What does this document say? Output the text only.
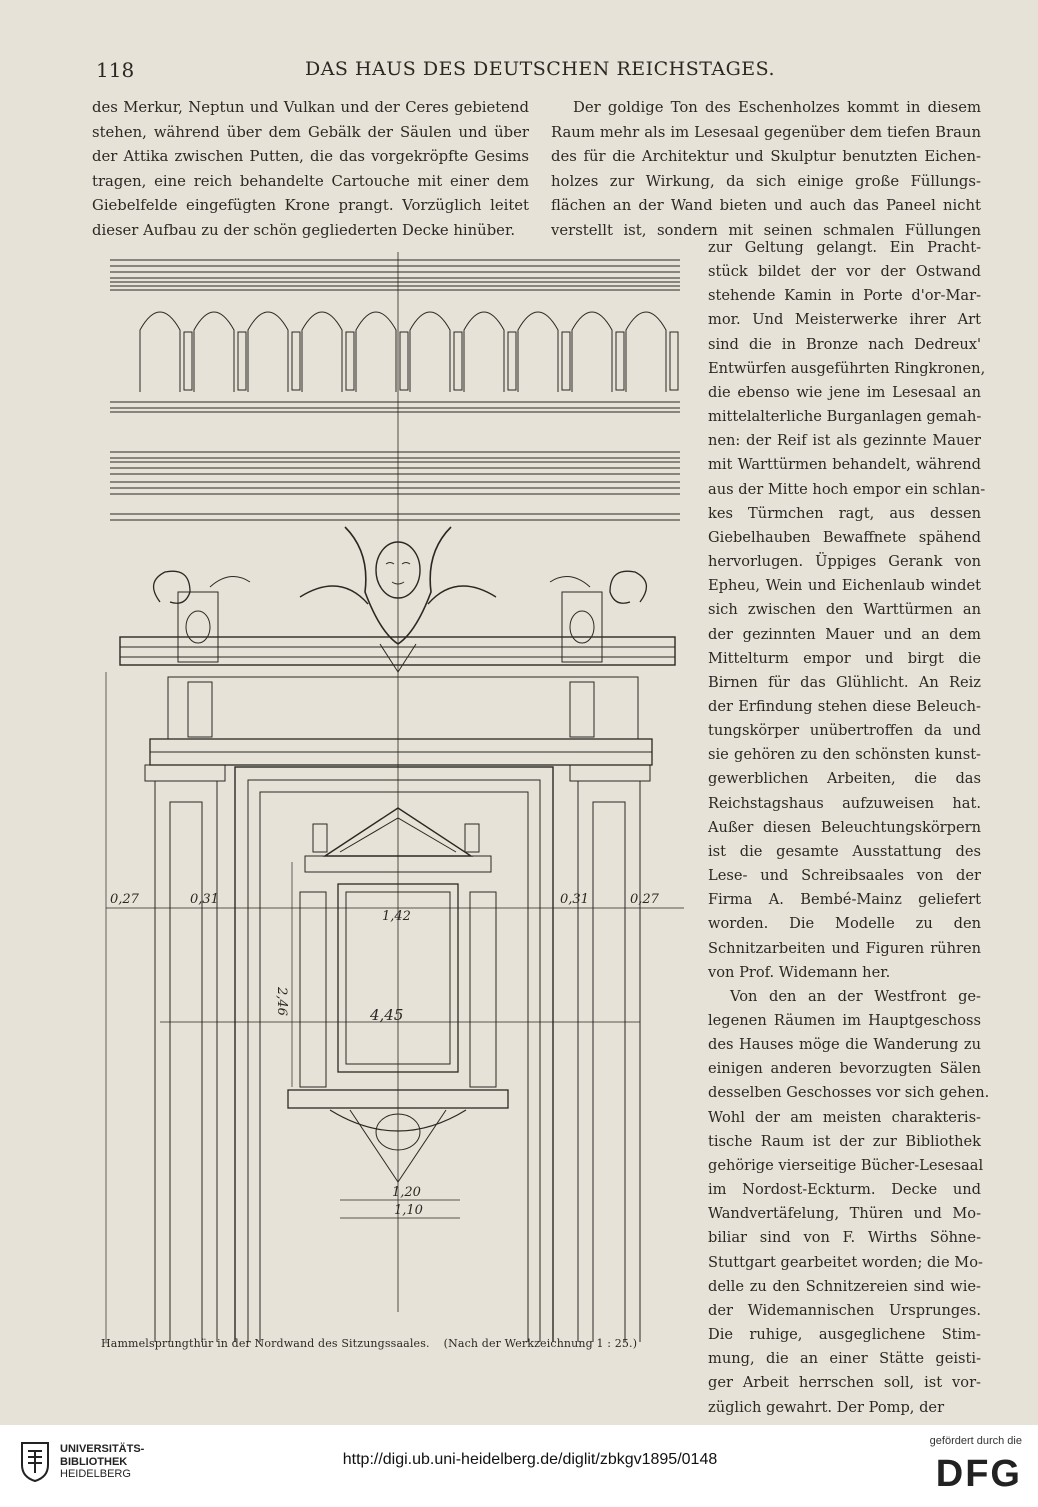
118	DAS HAUS DES DEUTSCHEN REICHSTAGES.
des Merkur, Neptun und Vulkan und der Ceres gebietend
stehen, während über dem Gebälk der Säulen und über
der Attika zwischen Putten, die das vorgekröpfte Gesims
tragen, eine reich behandelte Cartouche mit einer dem
Giebelfelde eingefügten Krone prangt. Vorzüglich leitet
dieser Aufbau zu der schön gegliederten Decke hinüber.
Der goldige Ton des Eschenholzes kommt in diesem
Raum mehr als im Lesesaal gegenüber dem tiefen Braun
des für die Architektur und Skulptur benutzten Eichen-
holzes zur Wirkung, da sich einige große Füllungs-
flächen an der Wand bieten und auch das Paneel nicht
verstellt ist, sondern mit seinen schmalen Füllungen
zur Geltung gelangt. Ein Pracht-
stück bildet der vor der Ostwand
stehende Kamin in Porte d'or-Mar-
mor. Und Meisterwerke ihrer Art
sind die in Bronze nach Dedreux'
Entwürfen ausgeführten Ringkronen,
die ebenso wie jene im Lesesaal an
mittelalterliche Burganlagen gemah-
nen: der Reif ist als gezinnte Mauer
mit Warttürmen behandelt, während
aus der Mitte hoch empor ein schlan-
kes Türmchen ragt, aus dessen
Giebelhauben Bewaffnete spähend
hervorlugen. Üppiges Gerank von
Epheu, Wein und Eichenlaub windet
sich zwischen den Warttürmen an
der gezinnten Mauer und an dem
Mittelturm empor und birgt die
Birnen für das Glühlicht. An Reiz
der Erfindung stehen diese Beleuch-
tungskörper unübertroffen da und
sie gehören zu den schönsten kunst-
gewerblichen Arbeiten, die das
Reichstagshaus aufzuweisen hat.
Außer diesen Beleuchtungskörpern
ist die gesamte Ausstattung des
Lese- und Schreibsaales von der
Firma A. Bembé-Mainz geliefert
worden. Die Modelle zu den
Schnitzarbeiten und Figuren rühren
von Prof. Widemann her.
Von den an der Westfront ge-
legenen Räumen im Hauptgeschoss
des Hauses möge die Wanderung zu
einigen anderen bevorzugten Sälen
desselben Geschosses vor sich gehen.
Wohl der am meisten charakteris-
tische Raum ist der zur Bibliothek
gehörige vierseitige Bücher-Lesesaal
im Nordost-Eckturm. Decke und
Wandvertäfelung, Thüren und Mo-
biliar sind von F. Wirths Söhne-
Stuttgart gearbeitet worden; die Mo-
delle zu den Schnitzereien sind wie-
der Widemannischen Ursprunges.
Die ruhige, ausgeglichene Stim-
mung, die an einer Stätte geisti-
ger Arbeit herrschen soll, ist vor-
züglich gewahrt. Der Pomp, der
0,27	0,31	0,31	0,27
1,42
2,46	4,45
1,20
1,10
Hammelsprungthür in der Nordwand des Sitzungssaales. (Nach der Werkzeichnung 1 : 25.)
UNIVERSITÄTS-
BIBLIOTHEK
HEIDELBERG
http://digi.ub.uni-heidelberg.de/diglit/zbkgv1895/0148
gefördert durch die
DFG
